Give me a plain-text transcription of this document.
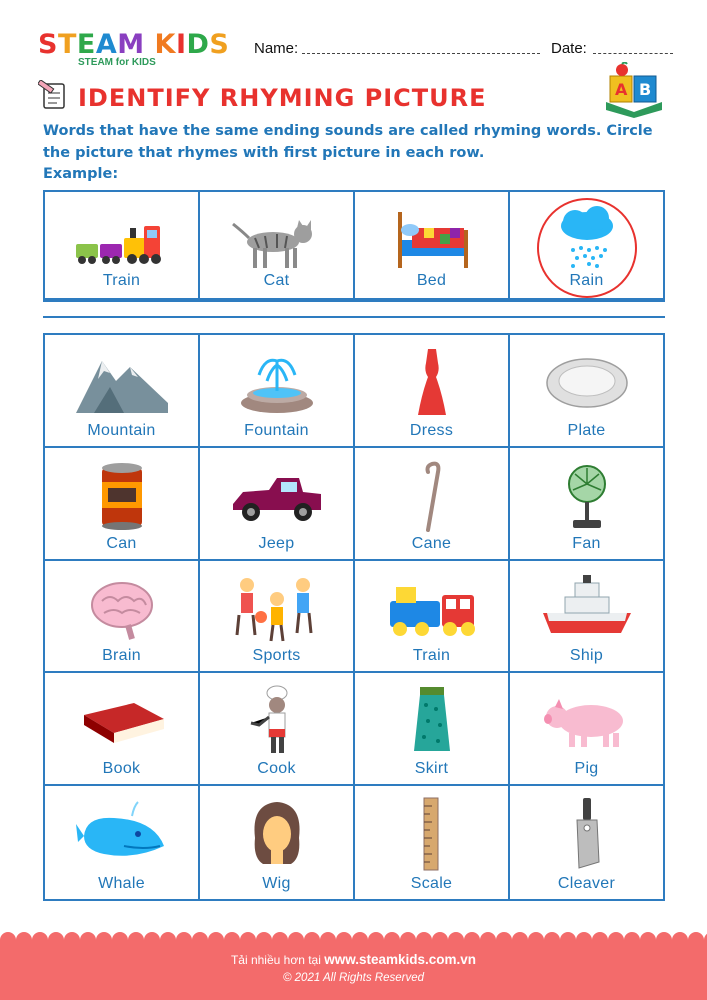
STEAM KIDS
STEAM for KIDS
Name:	Date:
IDENTIFY RHYMING PICTURE	A B
Words that have the same ending sounds are called rhyming words. Circle the picture that rhymes with first picture in each row.
Example:
Train	Cat	Bed	Rain
Mountain	Fountain	Dress	Plate
Can	Jeep	Cane	Fan
Brain	Sports	Train	Ship
Book	Cook	Skirt	Pig
Whale	Wig	Scale	Cleaver
Tải nhiều hơn tại www.steamkids.com.vn
© 2021 All Rights Reserved
